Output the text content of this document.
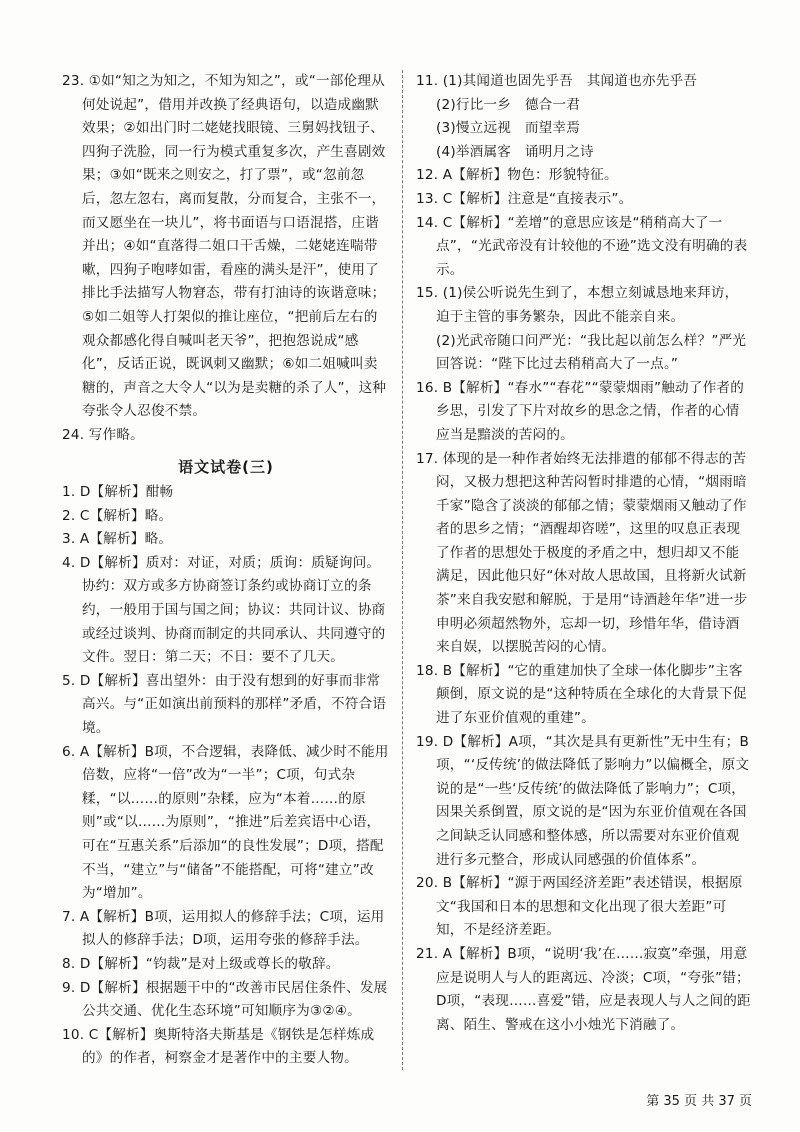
23. ①如“知之为知之，不知为知之”，或“一部伦理从何处说起”，借用并改换了经典语句，以造成幽默效果；②如出门时二姥姥找眼镜、三舅妈找钮子、四狗子洗脸，同一行为模式重复多次，产生喜剧效果；③如“既来之则安之，打了票”，或“忽前忽后，忽左忽右，离而复散，分而复合，主张不一，而又愿坐在一块儿”，将书面语与口语混搭，庄谐并出；④如“直落得二姐口干舌燥，二姥姥连喘带嗽，四狗子咆哮如雷，看座的满头是汗”，使用了排比手法描写人物窘态，带有打油诗的诙谐意味；⑤如二姐等人打架似的推让座位，“把前后左右的观众都感化得自喊叫老天爷”，把抱怨说成“感化”，反话正说，既讽刺又幽默；⑥如二姐喊叫卖糖的，声音之大令人“以为是卖糖的杀了人”，这种夸张令人忍俊不禁。

24. 写作略。

语文试卷(三)

1. D【解析】酣畅

2. C【解析】略。

3. A【解析】略。

4. D【解析】质对：对证，对质；质询：质疑询问。协约：双方或多方协商签订条约或协商订立的条约，一般用于国与国之间；协议：共同计议、协商或经过谈判、协商而制定的共同承认、共同遵守的文件。翌日：第二天；不日：要不了几天。

5. D【解析】喜出望外：由于没有想到的好事而非常高兴。与“正如演出前预料的那样”矛盾，不符合语境。

6. A【解析】B项，不合逻辑，表降低、减少时不能用倍数，应将“一倍”改为“一半”；C项，句式杂糅，“以……的原则”杂糅，应为“本着……的原则”或“以……为原则”，“推进”后差宾语中心语，可在“互惠关系”后添加“的良性发展”；D项，搭配不当，“建立”与“储备”不能搭配，可将“建立”改为“增加”。

7. A【解析】B项，运用拟人的修辞手法；C项，运用拟人的修辞手法；D项，运用夸张的修辞手法。

8. D【解析】“钧裁”是对上级或尊长的敬辞。

9. D【解析】根据题干中的“改善市民居住条件、发展公共交通、优化生态环境”可知顺序为③②④。

10. C【解析】奥斯特洛夫斯基是《钢铁是怎样炼成的》的作者，柯察金才是著作中的主要人物。

11. (1)其闻道也固先乎吾　其闻道也亦先乎吾

(2)行比一乡　德合一君

(3)慢立远视　而望幸焉

(4)举酒属客　诵明月之诗

12. A【解析】物色：形貌特征。

13. C【解析】注意是“直接表示”。

14. C【解析】“差增”的意思应该是“稍稍高大了一点”，“光武帝没有计较他的不逊”选文没有明确的表示。

15. (1)侯公听说先生到了，本想立刻诚恳地来拜访，迫于主管的事务繁杂，因此不能亲自来。

(2)光武帝随口问严光：“我比起以前怎么样？”严光回答说：“陛下比过去稍稍高大了一点。”

16. B【解析】“春水”“春花”“蒙蒙烟雨”触动了作者的乡思，引发了下片对故乡的思念之情，作者的心情应当是黯淡的苦闷的。

17. 体现的是一种作者始终无法排遣的郁郁不得志的苦闷，又极力想把这种苦闷暂时排遣的心情，“烟雨暗千家”隐含了淡淡的郁郁之情；蒙蒙烟雨又触动了作者的思乡之情；“酒醒却咨嗟”，这里的叹息正表现了作者的思想处于极度的矛盾之中，想归却又不能满足，因此他只好“休对故人思故国，且将新火试新茶”来自我安慰和解脱，于是用“诗酒趁年华”进一步申明必须超然物外，忘却一切，珍惜年华，借诗酒来自娱，以摆脱苦闷的心情。

18. B【解析】“它的重建加快了全球一体化脚步”主客颠倒，原文说的是“这种特质在全球化的大背景下促进了东亚价值观的重建”。

19. D【解析】A项，“其次是具有更新性”无中生有；B项，“‘反传统’的做法降低了影响力”以偏概全，原文说的是“一些‘反传统’的做法降低了影响力”；C项，因果关系倒置，原文说的是“因为东亚价值观在各国之间缺乏认同感和整体感，所以需要对东亚价值观进行多元整合，形成认同感强的价值体系”。

20. B【解析】“源于两国经济差距”表述错误，根据原文“我国和日本的思想和文化出现了很大差距”可知，不是经济差距。

21. A【解析】B项，“说明‘我’在……寂寞”牵强，用意应是说明人与人的距离远、冷淡；C项，“夸张”错；D项，“表现……喜爱”错，应是表现人与人之间的距离、陌生、警戒在这小小烛光下消融了。

第 35 页 共 37 页
